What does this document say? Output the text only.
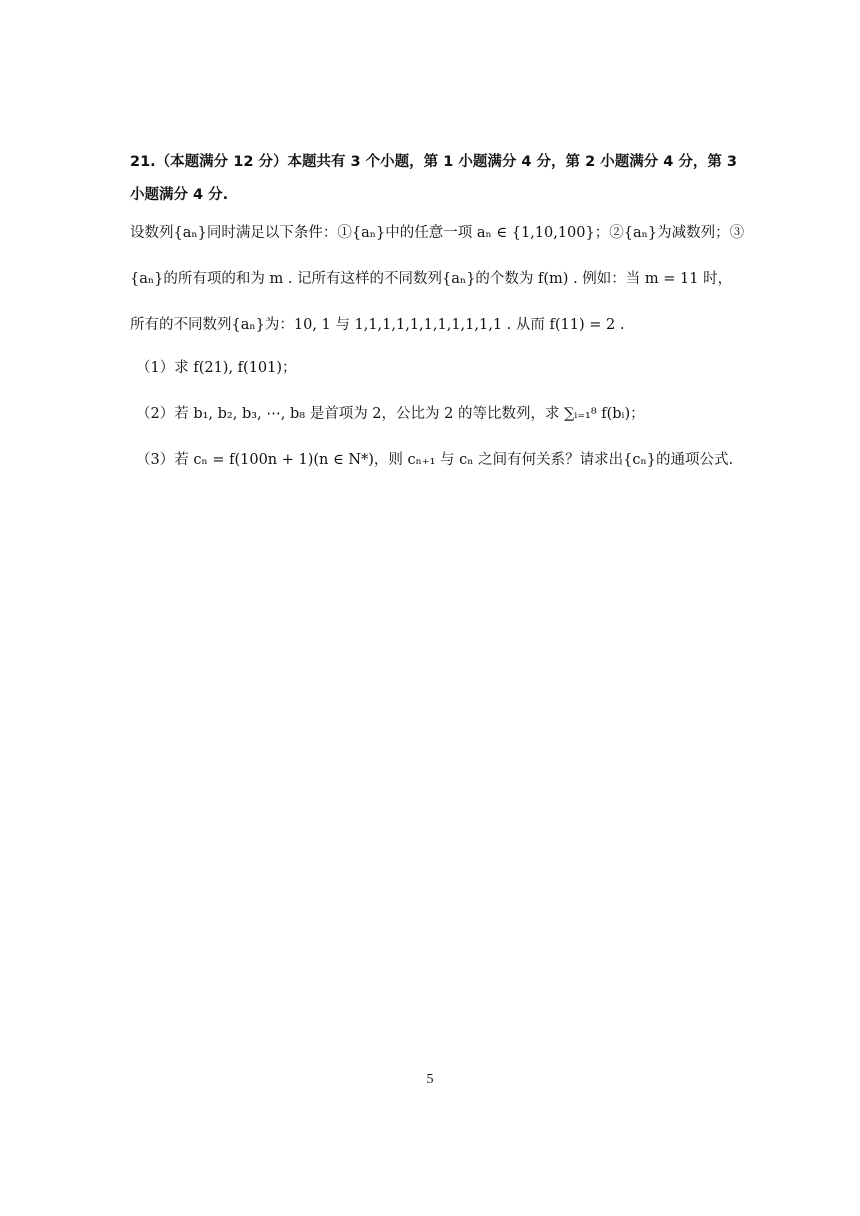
21.（本题满分 12 分）本题共有 3 个小题，第 1 小题满分 4 分，第 2 小题满分 4 分，第 3
小题满分 4 分.
设数列{aₙ}同时满足以下条件：①{aₙ}中的任意一项 aₙ ∈ {1,10,100}；②{aₙ}为减数列；③
{aₙ}的所有项的和为 m . 记所有这样的不同数列{aₙ}的个数为 f(m) . 例如：当 m = 11 时，
所有的不同数列{aₙ}为：10, 1 与 1,1,1,1,1,1,1,1,1,1,1 . 从而 f(11) = 2 .
（1）求 f(21), f(101)；
（2）若 b₁, b₂, b₃, ⋯, b₈ 是首项为 2，公比为 2 的等比数列，求 ∑ᵢ₌₁⁸ f(bᵢ)；
（3）若 cₙ = f(100n + 1)(n ∈ N*)，则 cₙ₊₁ 与 cₙ 之间有何关系？请求出{cₙ}的通项公式.
5
